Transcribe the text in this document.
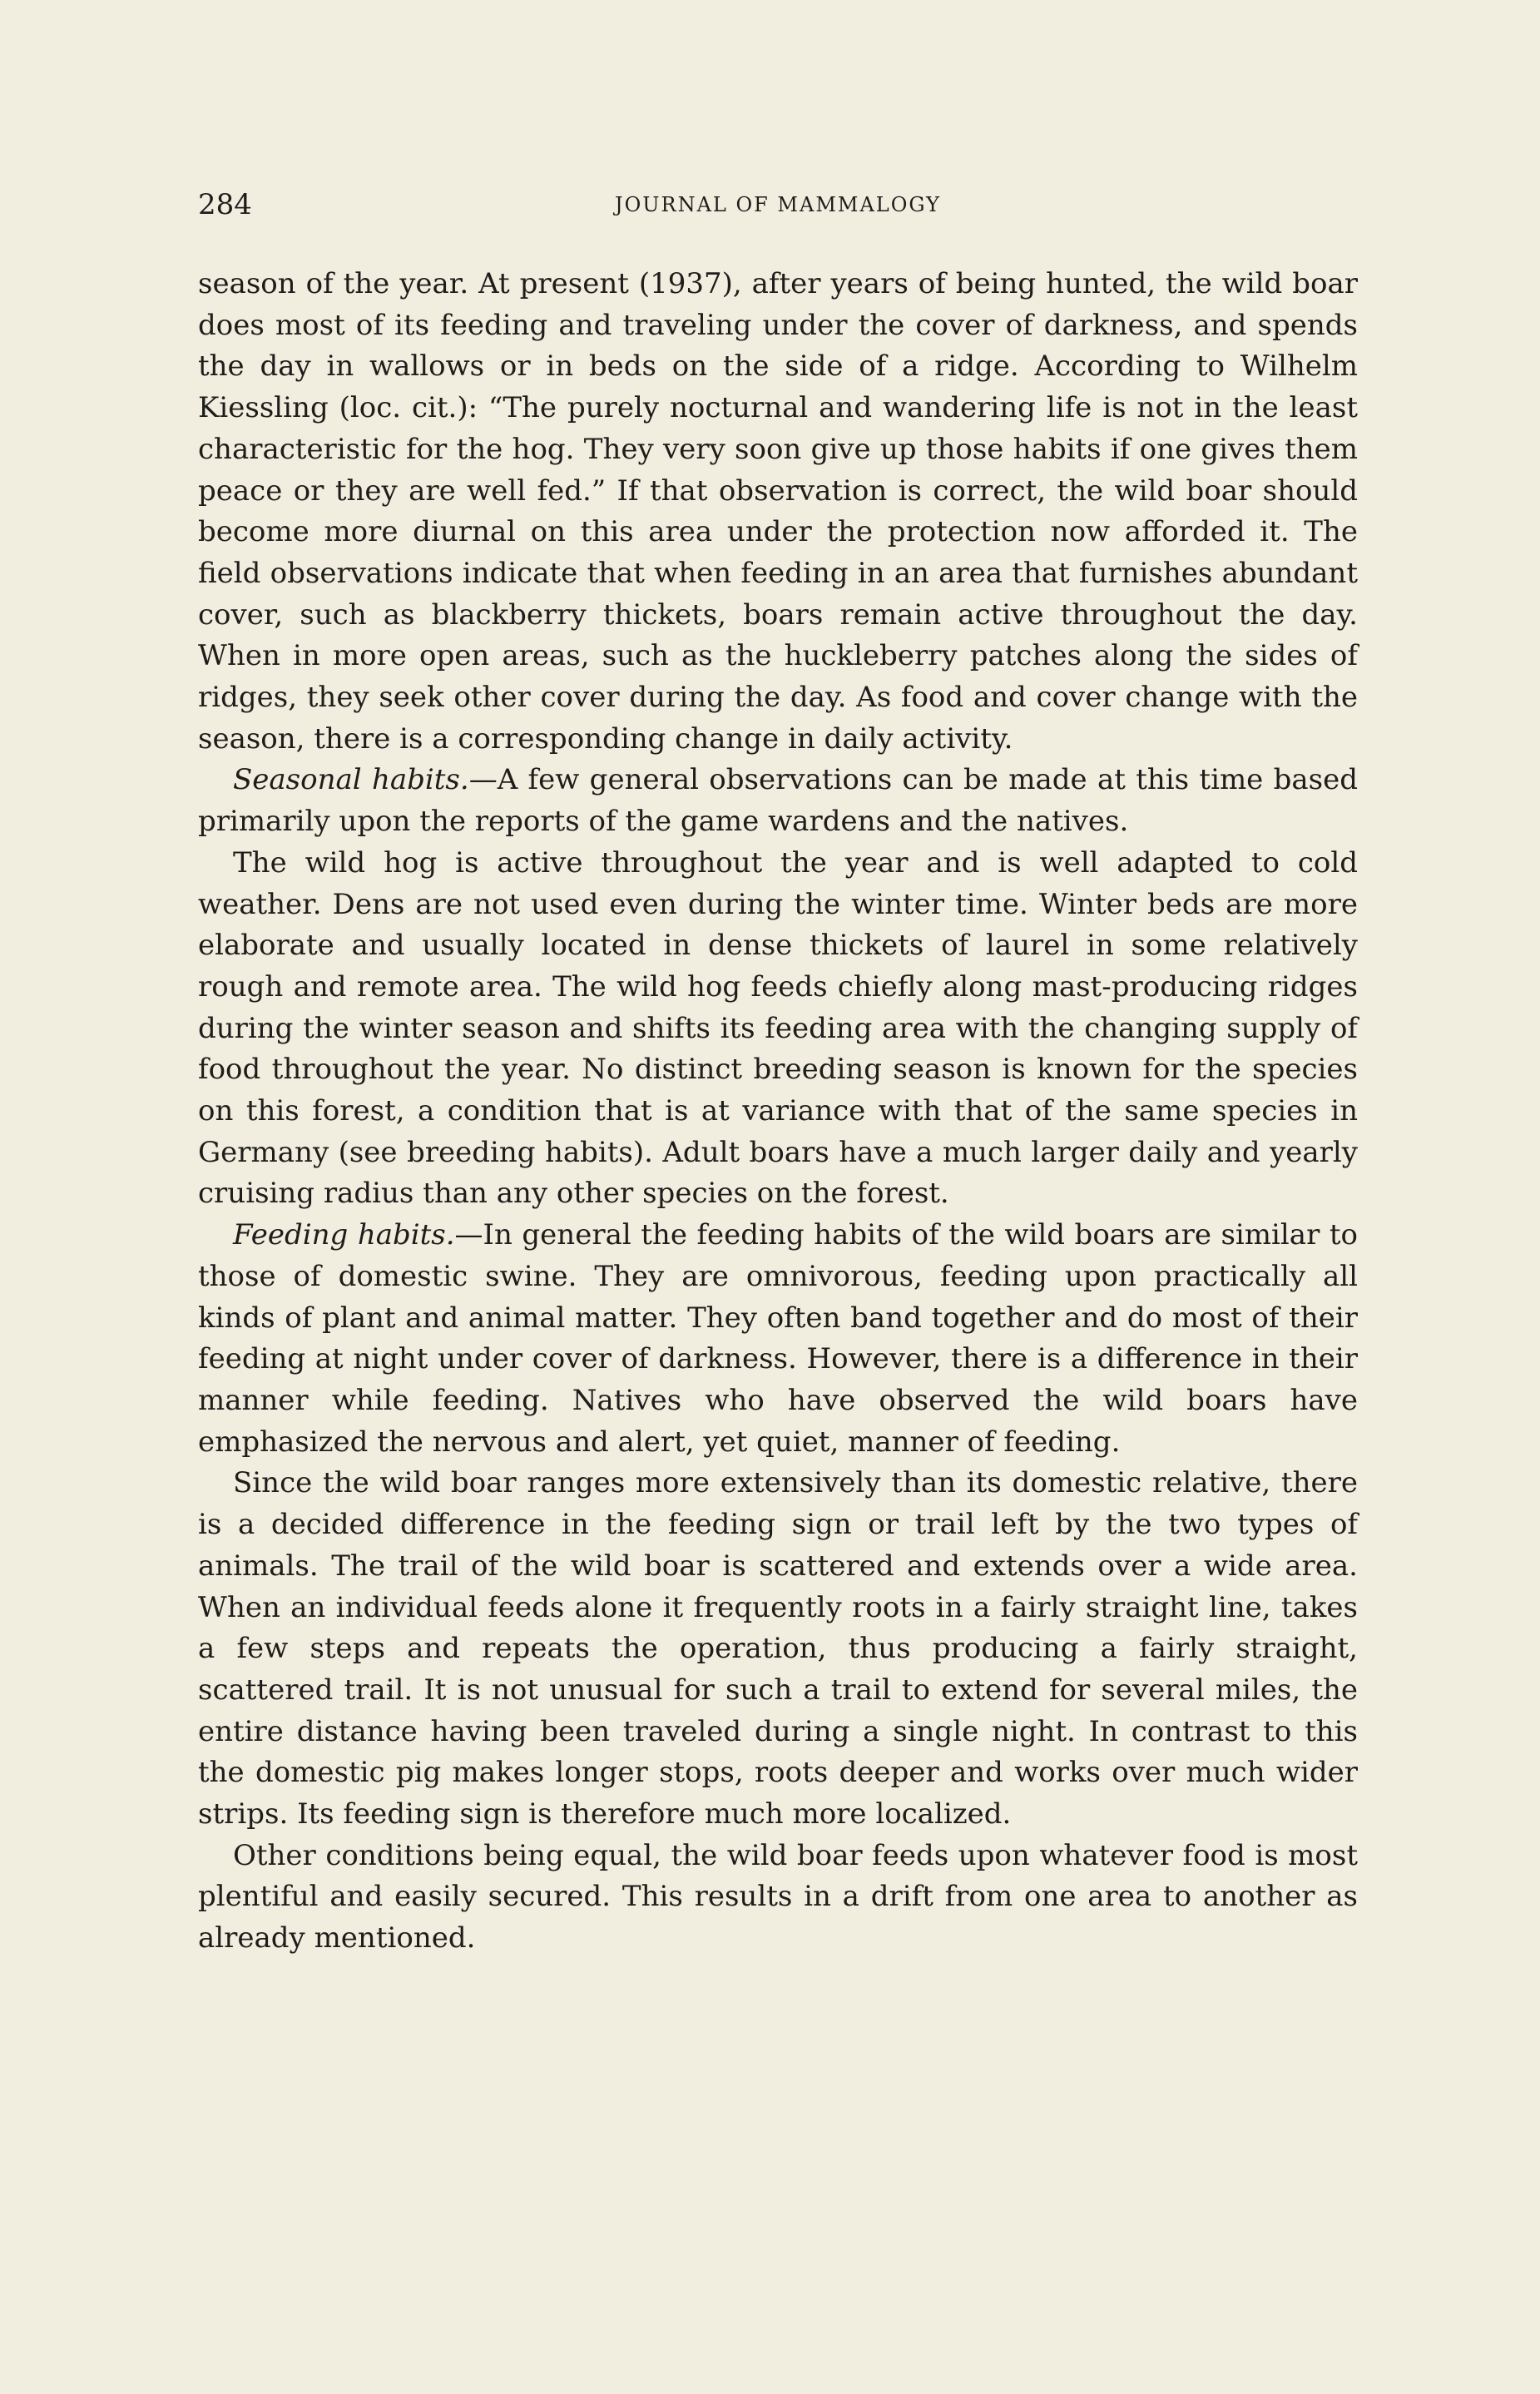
284	JOURNAL OF MAMMALOGY

season of the year. At present (1937), after years of being hunted, the wild boar does most of its feeding and traveling under the cover of darkness, and spends the day in wallows or in beds on the side of a ridge. According to Wilhelm Kiessling (loc. cit.): “The purely nocturnal and wandering life is not in the least characteristic for the hog. They very soon give up those habits if one gives them peace or they are well fed.” If that observation is correct, the wild boar should become more diurnal on this area under the protection now afforded it. The field observations indicate that when feeding in an area that furnishes abundant cover, such as blackberry thickets, boars remain active throughout the day. When in more open areas, such as the huckleberry patches along the sides of ridges, they seek other cover during the day. As food and cover change with the season, there is a corresponding change in daily activity.

Seasonal habits.—A few general observations can be made at this time based primarily upon the reports of the game wardens and the natives.

The wild hog is active throughout the year and is well adapted to cold weather. Dens are not used even during the winter time. Winter beds are more elaborate and usually located in dense thickets of laurel in some relatively rough and remote area. The wild hog feeds chiefly along mast-producing ridges during the winter season and shifts its feeding area with the changing supply of food throughout the year. No distinct breeding season is known for the species on this forest, a condition that is at variance with that of the same species in Germany (see breeding habits). Adult boars have a much larger daily and yearly cruising radius than any other species on the forest.

Feeding habits.—In general the feeding habits of the wild boars are similar to those of domestic swine. They are omnivorous, feeding upon practically all kinds of plant and animal matter. They often band together and do most of their feeding at night under cover of darkness. However, there is a difference in their manner while feeding. Natives who have observed the wild boars have emphasized the nervous and alert, yet quiet, manner of feeding.

Since the wild boar ranges more extensively than its domestic relative, there is a decided difference in the feeding sign or trail left by the two types of animals. The trail of the wild boar is scattered and extends over a wide area. When an individual feeds alone it frequently roots in a fairly straight line, takes a few steps and repeats the operation, thus producing a fairly straight, scattered trail. It is not unusual for such a trail to extend for several miles, the entire distance having been traveled during a single night. In contrast to this the domestic pig makes longer stops, roots deeper and works over much wider strips. Its feeding sign is therefore much more localized.

Other conditions being equal, the wild boar feeds upon whatever food is most plentiful and easily secured. This results in a drift from one area to another as already mentioned.
